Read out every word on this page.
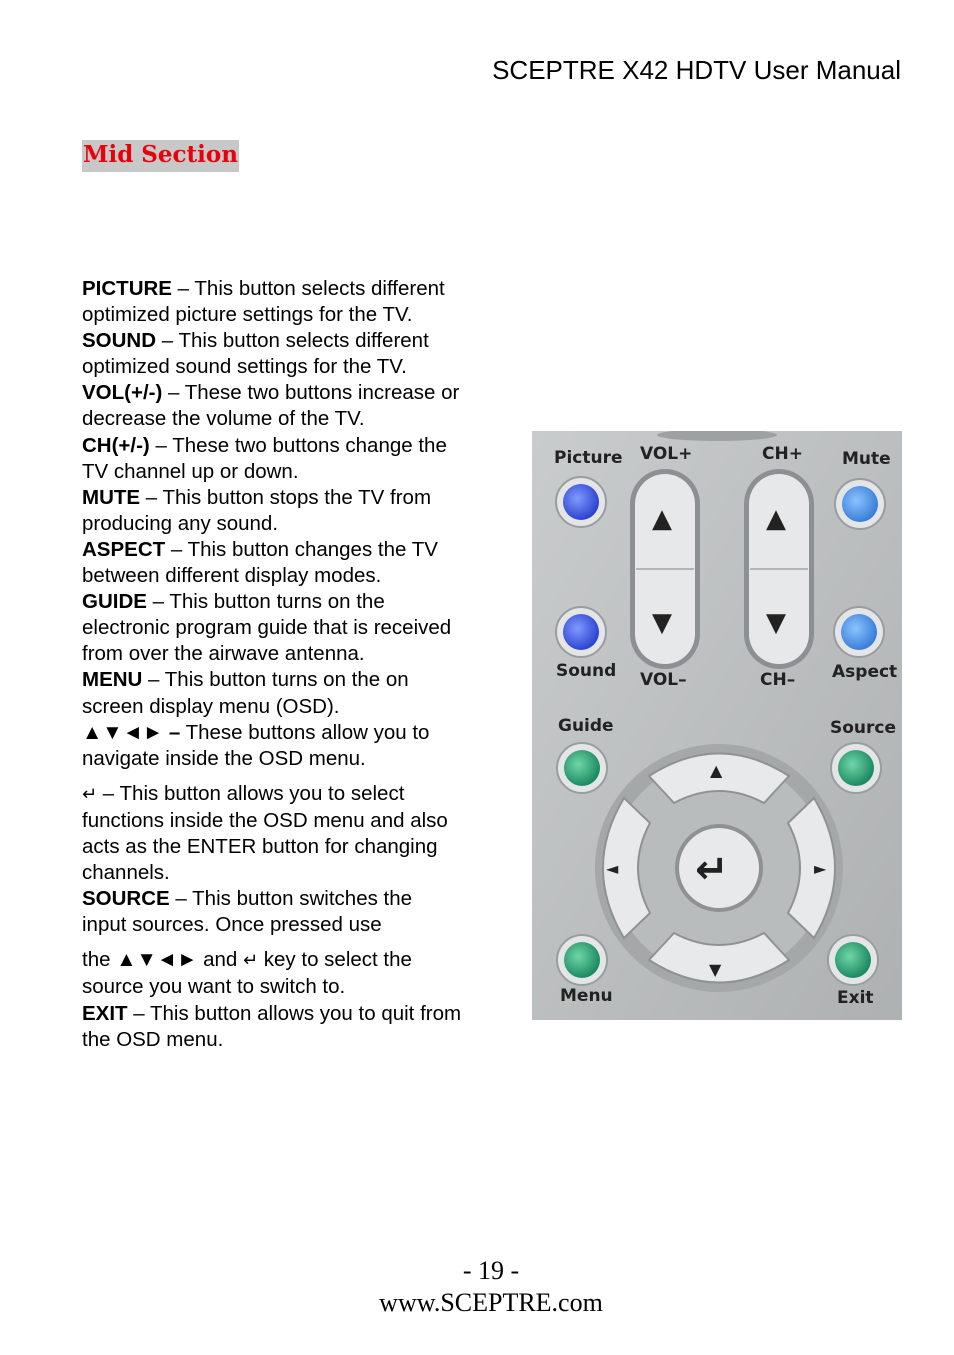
SCEPTRE X42 HDTV User Manual
Mid Section

PICTURE – This button selects different optimized picture settings for the TV.

SOUND – This button selects different optimized sound settings for the TV.

VOL(+/-) – These two buttons increase or decrease the volume of the TV.

CH(+/-) – These two buttons change the TV channel up or down.

MUTE – This button stops the TV from producing any sound.

ASPECT – This button changes the TV between different display modes.

GUIDE – This button turns on the electronic program guide that is received from over the airwave antenna.

MENU – This button turns on the on screen display menu (OSD).

▲▼◄► – These buttons allow you to navigate inside the OSD menu.

↵ – This button allows you to select functions inside the OSD menu and also acts as the ENTER button for changing channels.

SOURCE – This button switches the input sources. Once pressed use

the ▲▼◄► and ↵ key to select the source you want to switch to.

EXIT – This button allows you to quit from the OSD menu.

Picture VOL+	CH+ Mute
Sound VOL–	CH– Aspect
Guide	Source
Menu	Exit
▲
▼
▲
▼
▲
▼
◄	►
↵
- 19 -
www.SCEPTRE.com
